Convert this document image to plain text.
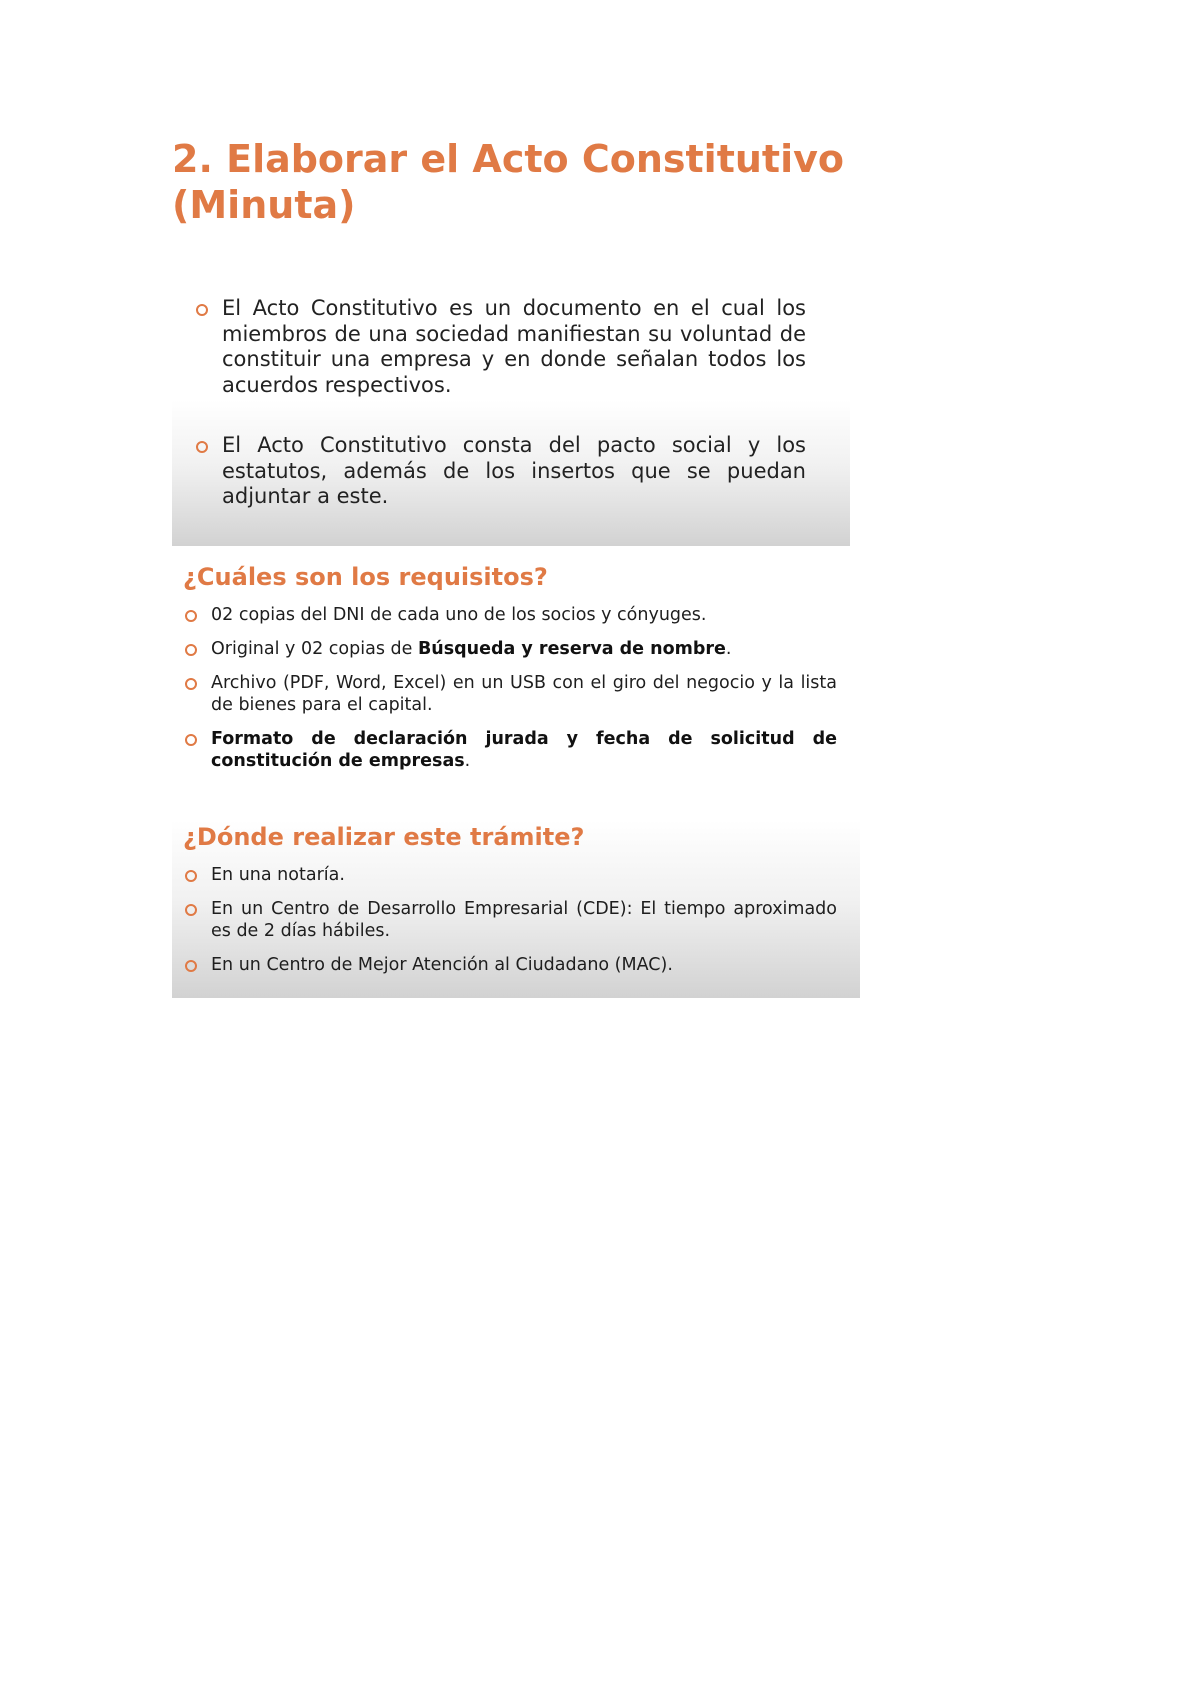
2. Elaborar el Acto Constitutivo
(Minuta)
El Acto Constitutivo es un documento en el cual los miembros de una sociedad manifiestan su voluntad de constituir una empresa y en donde señalan todos los acuerdos respectivos.
El Acto Constitutivo consta del pacto social y los estatutos, además de los insertos que se puedan adjuntar a este.
¿Cuáles son los requisitos?
02 copias del DNI de cada uno de los socios y cónyuges.
Original y 02 copias de Búsqueda y reserva de nombre.
Archivo (PDF, Word, Excel) en un USB con el giro del negocio y la lista de bienes para el capital.
Formato de declaración jurada y fecha de solicitud de constitución de empresas.
¿Dónde realizar este trámite?
En una notaría.
En un Centro de Desarrollo Empresarial (CDE): El tiempo aproximado es de 2 días hábiles.
En un Centro de Mejor Atención al Ciudadano (MAC).
